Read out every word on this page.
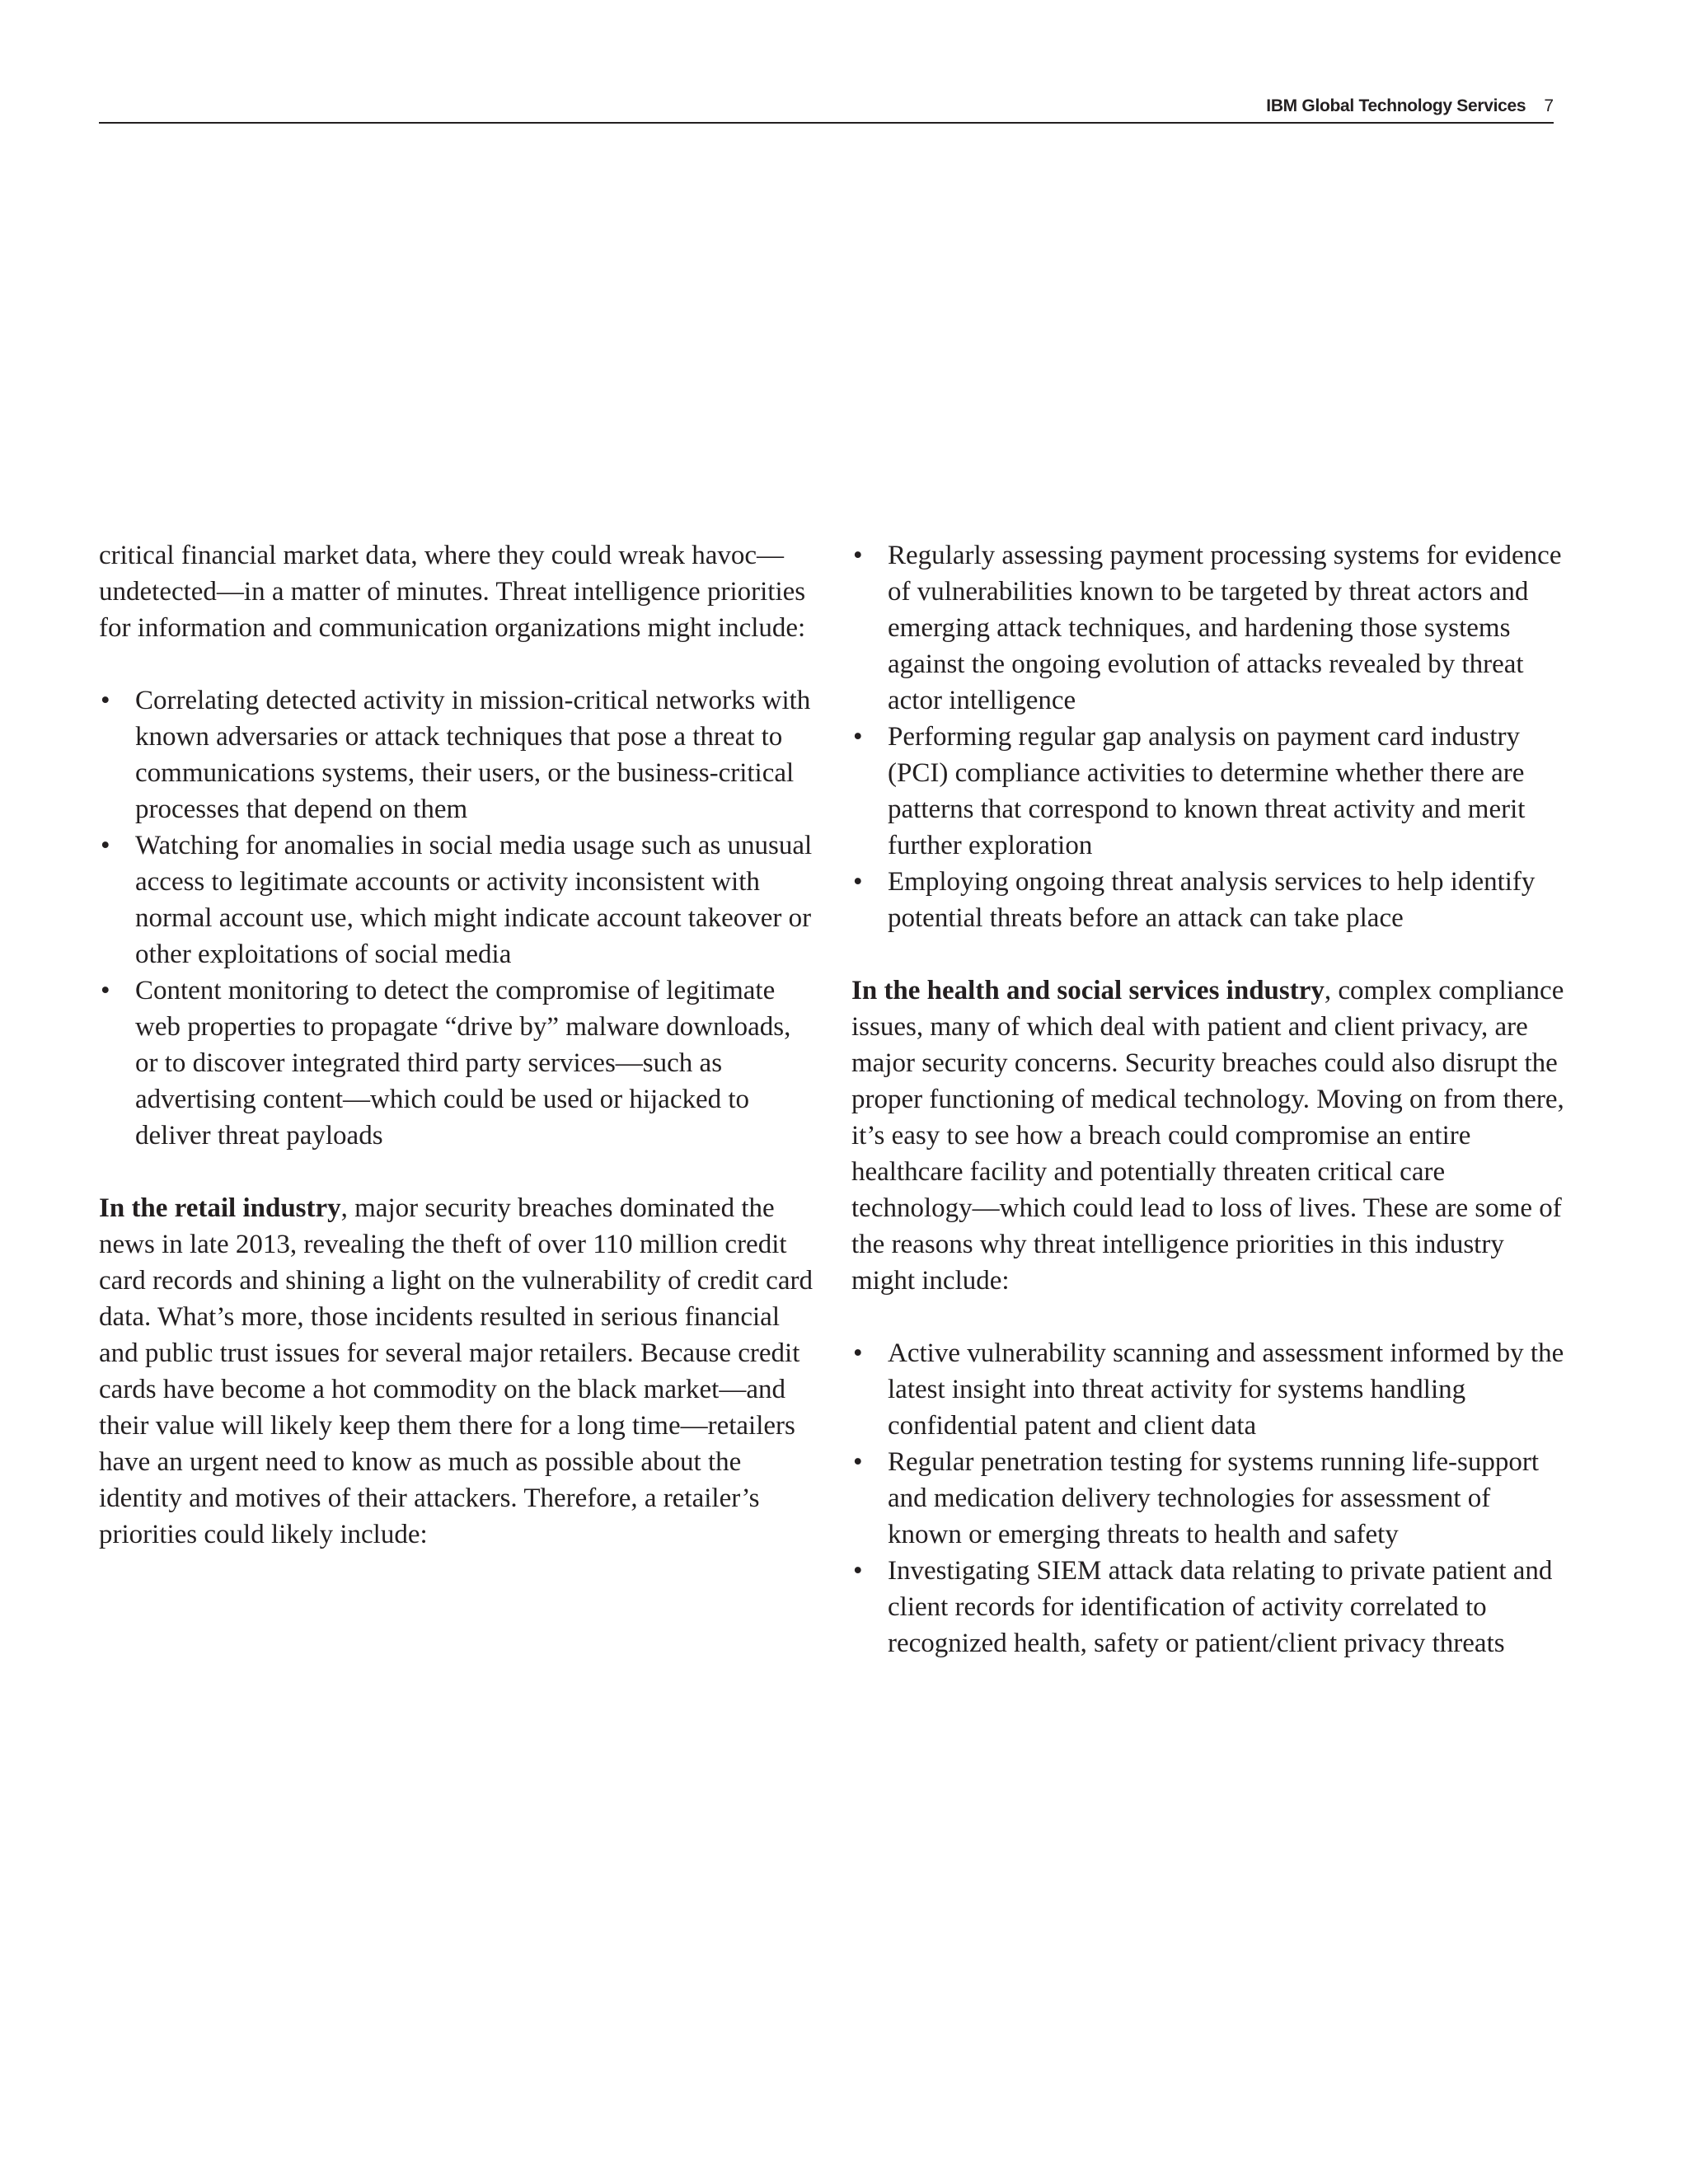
IBM Global Technology Services 7

critical financial market data, where they could wreak havoc—undetected—in a matter of minutes. Threat intelligence priorities for information and communication organizations might include:

• Correlating detected activity in mission-critical networks with known adversaries or attack techniques that pose a threat to communications systems, their users, or the business-critical processes that depend on them
• Watching for anomalies in social media usage such as unusual access to legitimate accounts or activity inconsistent with normal account use, which might indicate account takeover or other exploitations of social media
• Content monitoring to detect the compromise of legitimate web properties to propagate “drive by” malware downloads, or to discover integrated third party services—such as advertising content—which could be used or hijacked to deliver threat payloads

In the retail industry, major security breaches dominated the news in late 2013, revealing the theft of over 110 million credit card records and shining a light on the vulnerability of credit card data. What’s more, those incidents resulted in serious financial and public trust issues for several major retailers. Because credit cards have become a hot commodity on the black market—and their value will likely keep them there for a long time—retailers have an urgent need to know as much as possible about the identity and motives of their attackers. Therefore, a retailer’s priorities could likely include:

• Regularly assessing payment processing systems for evidence of vulnerabilities known to be targeted by threat actors and emerging attack techniques, and hardening those systems against the ongoing evolution of attacks revealed by threat actor intelligence
• Performing regular gap analysis on payment card industry (PCI) compliance activities to determine whether there are patterns that correspond to known threat activity and merit further exploration
• Employing ongoing threat analysis services to help identify potential threats before an attack can take place

In the health and social services industry, complex compliance issues, many of which deal with patient and client privacy, are major security concerns. Security breaches could also disrupt the proper functioning of medical technology. Moving on from there, it’s easy to see how a breach could compromise an entire healthcare facility and potentially threaten critical care technology—which could lead to loss of lives. These are some of the reasons why threat intelligence priorities in this industry might include:

• Active vulnerability scanning and assessment informed by the latest insight into threat activity for systems handling confidential patent and client data
• Regular penetration testing for systems running life-support and medication delivery technologies for assessment of known or emerging threats to health and safety
• Investigating SIEM attack data relating to private patient and client records for identification of activity correlated to recognized health, safety or patient/client privacy threats
